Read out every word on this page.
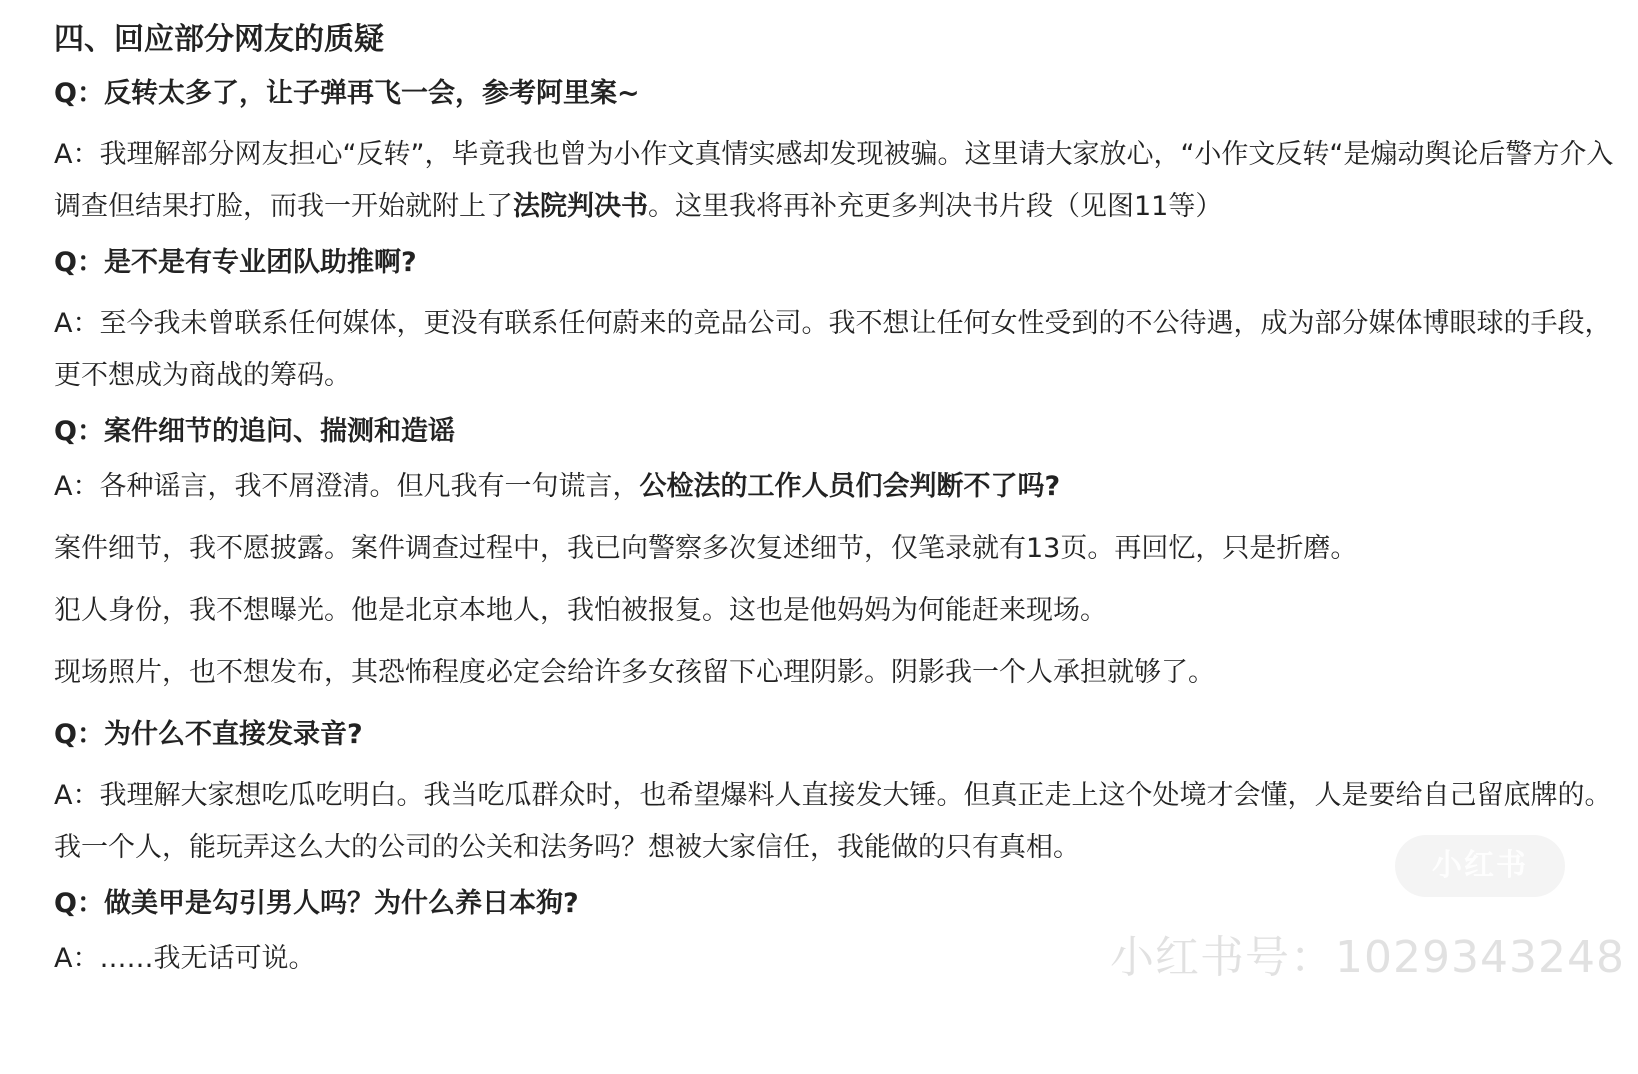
四、回应部分网友的质疑
Q：反转太多了，让子弹再飞一会，参考阿里案~
A：我理解部分网友担心“反转”，毕竟我也曾为小作文真情实感却发现被骗。这里请大家放心，“小作文反转“是煽动舆论后警方介入调查但结果打脸，而我一开始就附上了法院判决书。这里我将再补充更多判决书片段（见图11等）
Q：是不是有专业团队助推啊?
A：至今我未曾联系任何媒体，更没有联系任何蔚来的竞品公司。我不想让任何女性受到的不公待遇，成为部分媒体博眼球的手段，更不想成为商战的筹码。
Q：案件细节的追问、揣测和造谣
A：各种谣言，我不屑澄清。但凡我有一句谎言，公检法的工作人员们会判断不了吗?
案件细节，我不愿披露。案件调查过程中，我已向警察多次复述细节，仅笔录就有13页。再回忆，只是折磨。
犯人身份，我不想曝光。他是北京本地人，我怕被报复。这也是他妈妈为何能赶来现场。
现场照片，也不想发布，其恐怖程度必定会给许多女孩留下心理阴影。阴影我一个人承担就够了。
Q：为什么不直接发录音?
A：我理解大家想吃瓜吃明白。我当吃瓜群众时，也希望爆料人直接发大锤。但真正走上这个处境才会懂，人是要给自己留底牌的。我一个人，能玩弄这么大的公司的公关和法务吗？想被大家信任，我能做的只有真相。
Q：做美甲是勾引男人吗？为什么养日本狗?
A：……我无话可说。
小红书
小红书号：1029343248
